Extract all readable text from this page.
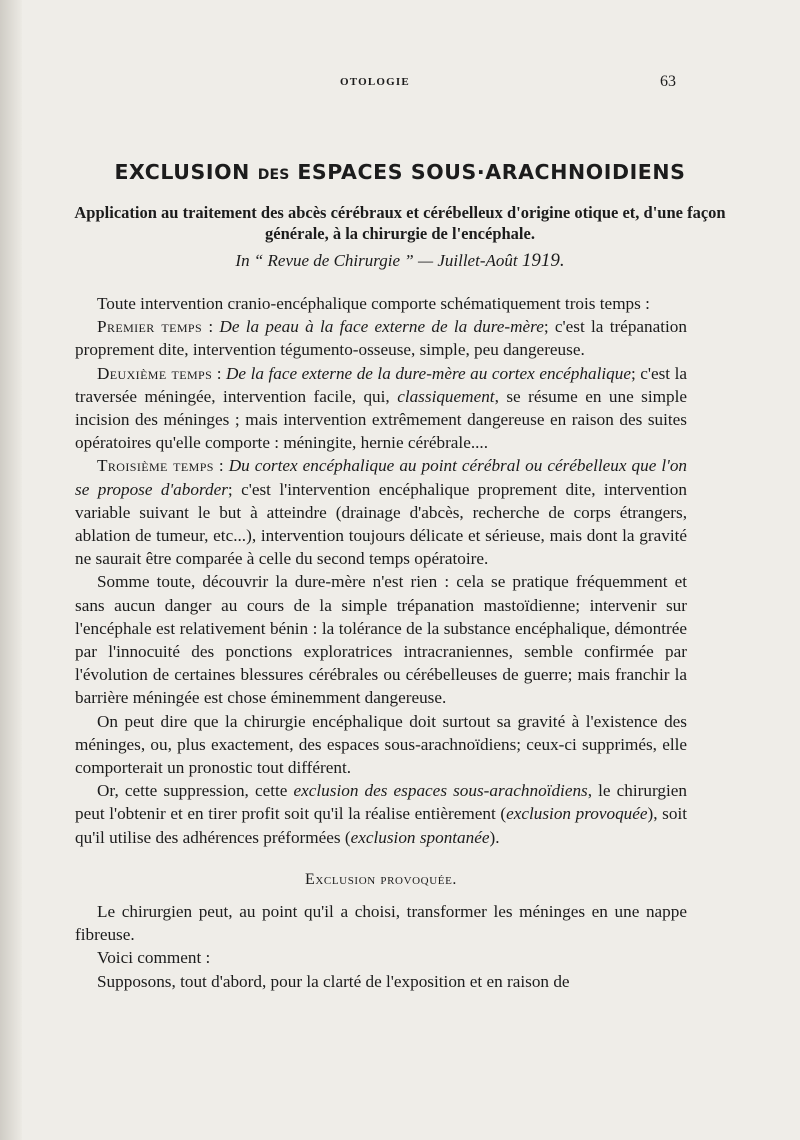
OTOLOGIE	63
EXCLUSION DES ESPACES SOUS·ARACHNOIDIENS
Application au traitement des abcès cérébraux et cérébelleux d'origine otique et, d'une façon générale, à la chirurgie de l'encéphale.
In “ Revue de Chirurgie ” — Juillet-Août 1919.

Toute intervention cranio-encéphalique comporte schématiquement trois temps :

Premier temps : De la peau à la face externe de la dure-mère; c'est la trépanation proprement dite, intervention tégumento-osseuse, simple, peu dangereuse.

Deuxième temps : De la face externe de la dure-mère au cortex encéphalique; c'est la traversée méningée, intervention facile, qui, classiquement, se résume en une simple incision des méninges ; mais intervention extrêmement dangereuse en raison des suites opératoires qu'elle comporte : méningite, hernie cérébrale....

Troisième temps : Du cortex encéphalique au point cérébral ou cérébelleux que l'on se propose d'aborder; c'est l'intervention encéphalique proprement dite, intervention variable suivant le but à atteindre (drainage d'abcès, recherche de corps étrangers, ablation de tumeur, etc...), intervention toujours délicate et sérieuse, mais dont la gravité ne saurait être comparée à celle du second temps opératoire.

Somme toute, découvrir la dure-mère n'est rien : cela se pratique fréquemment et sans aucun danger au cours de la simple trépanation mastoïdienne; intervenir sur l'encéphale est relativement bénin : la tolérance de la substance encéphalique, démontrée par l'innocuité des ponctions exploratrices intracraniennes, semble confirmée par l'évolution de certaines blessures cérébrales ou cérébelleuses de guerre; mais franchir la barrière méningée est chose éminemment dangereuse.

On peut dire que la chirurgie encéphalique doit surtout sa gravité à l'existence des méninges, ou, plus exactement, des espaces sous-arachnoïdiens; ceux-ci supprimés, elle comporterait un pronostic tout différent.

Or, cette suppression, cette exclusion des espaces sous-arachnoïdiens, le chirurgien peut l'obtenir et en tirer profit soit qu'il la réalise entièrement (exclusion provoquée), soit qu'il utilise des adhérences préformées (exclusion spontanée).

Exclusion provoquée.

Le chirurgien peut, au point qu'il a choisi, transformer les méninges en une nappe fibreuse.

Voici comment :

Supposons, tout d'abord, pour la clarté de l'exposition et en raison de
